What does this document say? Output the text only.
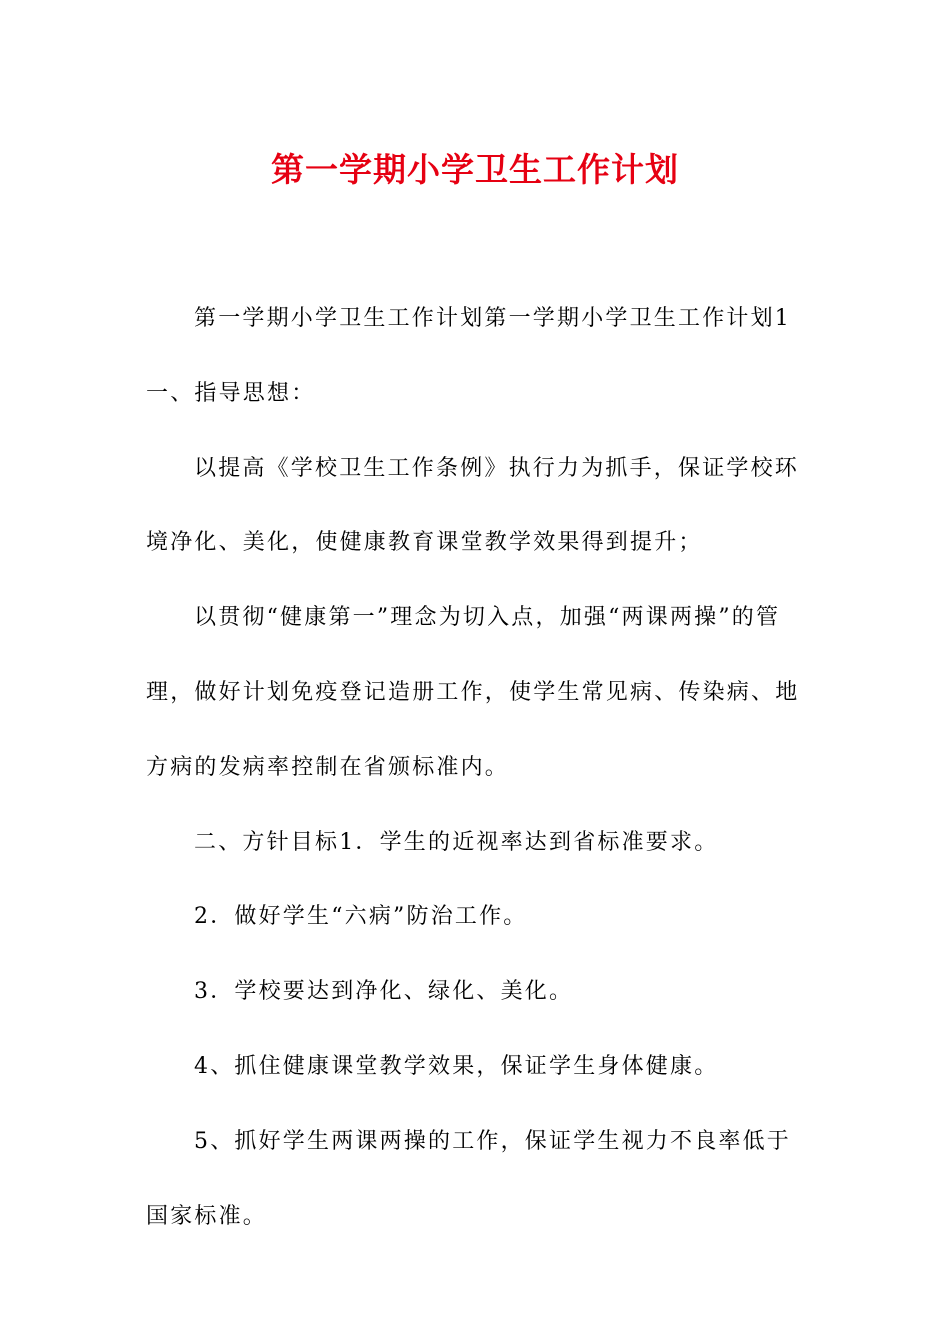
第一学期小学卫生工作计划

第一学期小学卫生工作计划第一学期小学卫生工作计划1

一、指导思想：

以提高《学校卫生工作条例》执行力为抓手，保证学校环境净化、美化，使健康教育课堂教学效果得到提升；

以贯彻“健康第一”理念为切入点，加强“两课两操”的管理，做好计划免疫登记造册工作，使学生常见病、传染病、地方病的发病率控制在省颁标准内。

二、方针目标1．学生的近视率达到省标准要求。

2．做好学生“六病”防治工作。

3．学校要达到净化、绿化、美化。

4、抓住健康课堂教学效果，保证学生身体健康。

5、抓好学生两课两操的工作，保证学生视力不良率低于国家标准。
